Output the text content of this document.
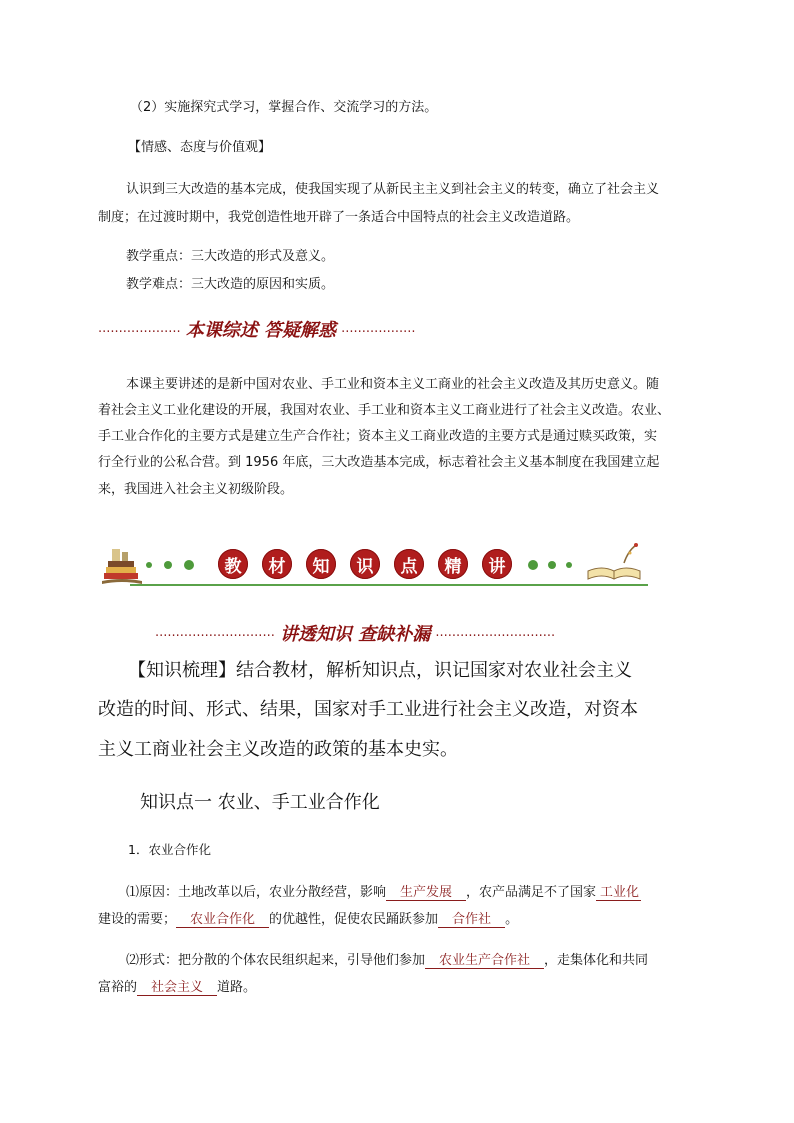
（2）实施探究式学习，掌握合作、交流学习的方法。
【情感、态度与价值观】
认识到三大改造的基本完成，使我国实现了从新民主主义到社会主义的转变，确立了社会主义
制度；在过渡时期中，我党创造性地开辟了一条适合中国特点的社会主义改造道路。
教学重点：三大改造的形式及意义。
教学难点：三大改造的原因和实质。
···················· 本课综述 答疑解惑 ··················
本课主要讲述的是新中国对农业、手工业和资本主义工商业的社会主义改造及其历史意义。随
着社会主义工业化建设的开展，我国对农业、手工业和资本主义工商业进行了社会主义改造。农业、
手工业合作化的主要方式是建立生产合作社；资本主义工商业改造的主要方式是通过赎买政策，实
行全行业的公私合营。到 1956 年底，三大改造基本完成，标志着社会主义基本制度在我国建立起
来，我国进入社会主义初级阶段。
教	材	知	识	点	精	讲
····························· 讲透知识 查缺补漏 ·····························
【知识梳理】结合教材，解析知识点，识记国家对农业社会主义
改造的时间、形式、结果，国家对手工业进行社会主义改造，对资本
主义工商业社会主义改造的政策的基本史实。
知识点一 农业、手工业合作化
1．农业合作化
⑴原因：土地改革以后，农业分散经营，影响 生产发展 ，农产品满足不了国家 工业化
建设的需要； 农业合作化 的优越性，促使农民踊跃参加 合作社 。
⑵形式：把分散的个体农民组织起来，引导他们参加 农业生产合作社 ，走集体化和共同
富裕的 社会主义 道路。
